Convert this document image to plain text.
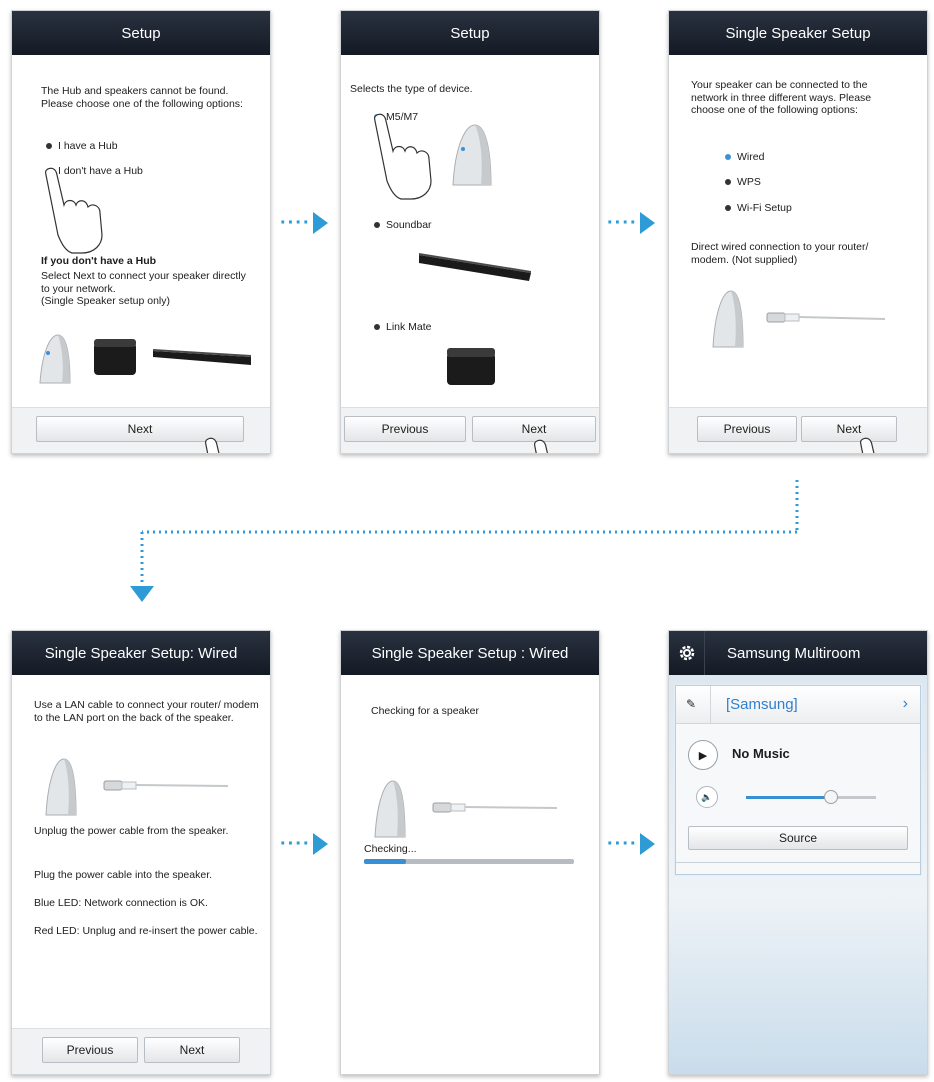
Setup
The Hub and speakers cannot be found. Please choose one of the following options:
I have a Hub
I don't have a Hub
If you don't have a Hub
Select Next to connect your speaker directly to your network.
(Single Speaker setup only)
Next
····
Setup
Selects the type of device.
M5/M7
Soundbar
Link Mate
Previous	Next
····
Single Speaker Setup
Your speaker can be connected to the network in three different ways. Please choose one of the following options:
Wired
WPS
Wi-Fi Setup
Direct wired connection to your router/ modem. (Not supplied)
Previous	Next
Single Speaker Setup: Wired
Use a LAN cable to connect your router/ modem to the LAN port on the back of the speaker.
Unplug the power cable from the speaker.
Plug the power cable into the speaker.
Blue LED: Network connection is OK.
Red LED: Unplug and re-insert the power cable.
Previous	Next
····
Single Speaker Setup : Wired
Checking for a speaker
Checking...	····
Samsung Multiroom
✎ [Samsung]	›
▶	No Music
🔈
Source
